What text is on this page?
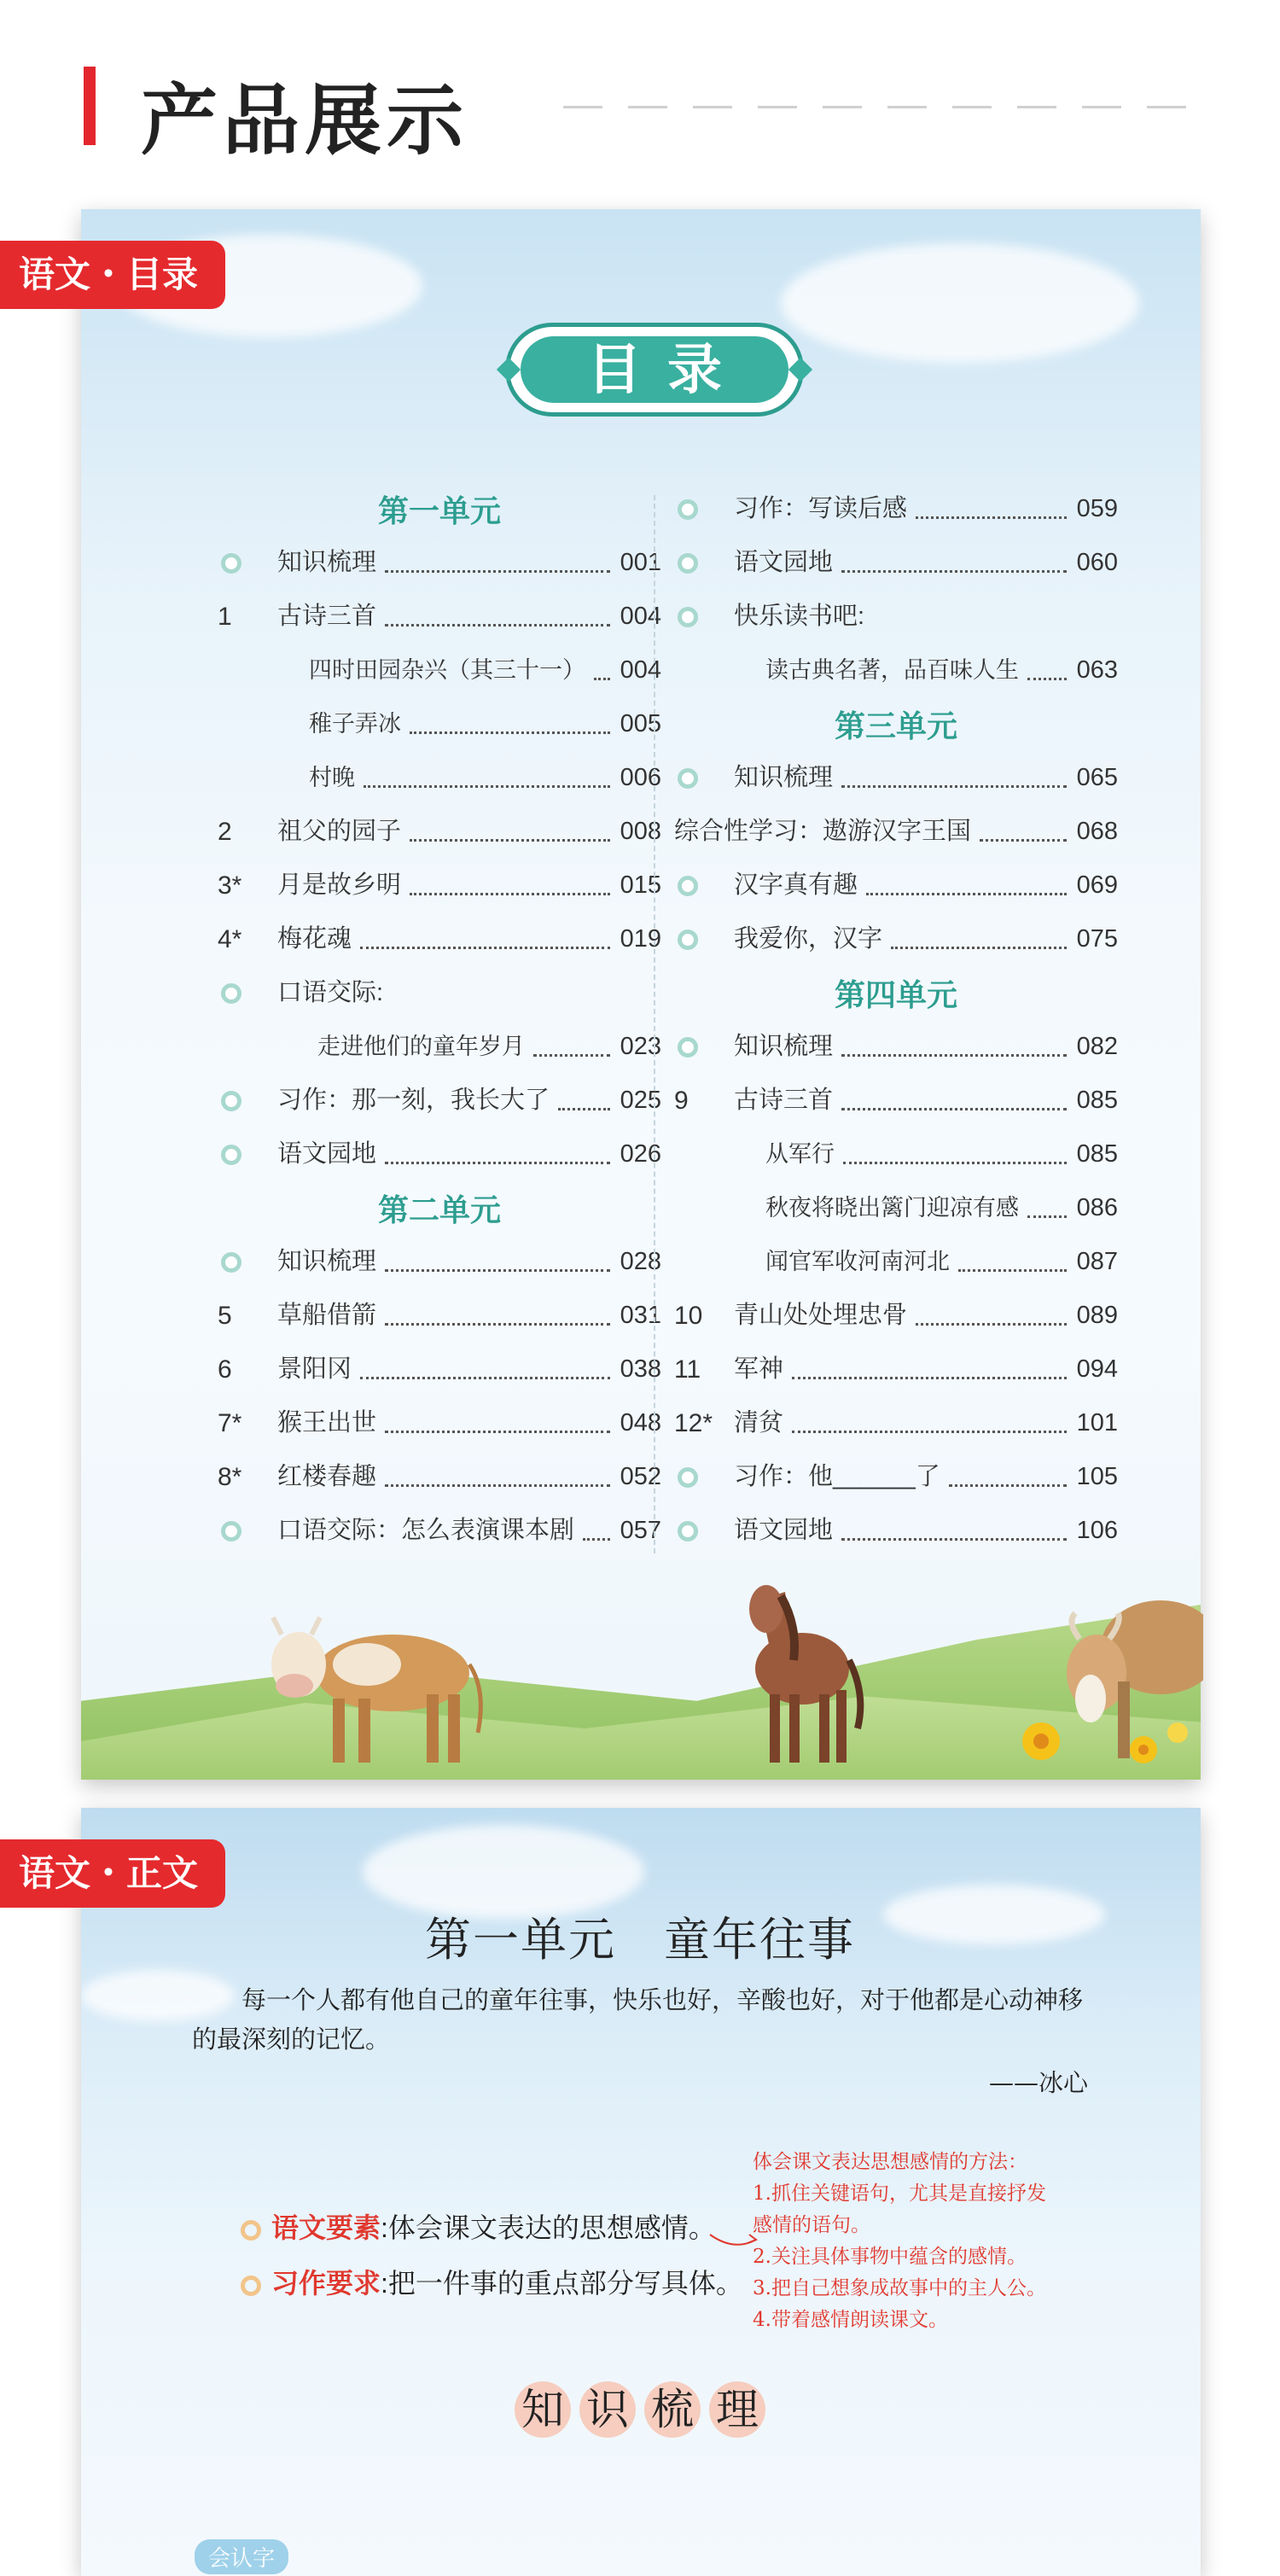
产品展示
语文・目录
目录
第一单元
知识梳理	001
1	古诗三首	004
四时田园杂兴（其三十一）	004
稚子弄冰	005
村晚	006
2	祖父的园子	008
3*	月是故乡明	015
4*	梅花魂	019
口语交际:
走进他们的童年岁月	023
习作：那一刻，我长大了	025
语文园地	026
第二单元
知识梳理	028
5	草船借箭	031
6	景阳冈	038
7*	猴王出世	048
8*	红楼春趣	052
口语交际：怎么表演课本剧	057
习作：写读后感	059
语文园地	060
快乐读书吧:
读古典名著，品百味人生	063
第三单元
知识梳理	065
综合性学习：遨游汉字王国	068
汉字真有趣	069
我爱你，汉字	075
第四单元
知识梳理	082
9	古诗三首	085
从军行	085
秋夜将晓出篱门迎凉有感	086
闻官军收河南河北	087
10	青山处处埋忠骨	089
11	军神	094
12* 清贫	101
习作：他______了	105
语文园地	106
语文・正文
第一单元　童年往事
每一个人都有他自己的童年往事，快乐也好，辛酸也好，对于他都是心动神移的最深刻的记忆。
——冰心
语文要素:体会课文表达的思想感情。
习作要求:把一件事的重点部分写具体。
体会课文表达思想感情的方法：
1.抓住关键语句，尤其是直接抒发
感情的语句。
2.关注具体事物中蕴含的感情。
3.把自己想象成故事中的主人公。
4.带着感情朗读课文。
知 识 梳 理
会认字
